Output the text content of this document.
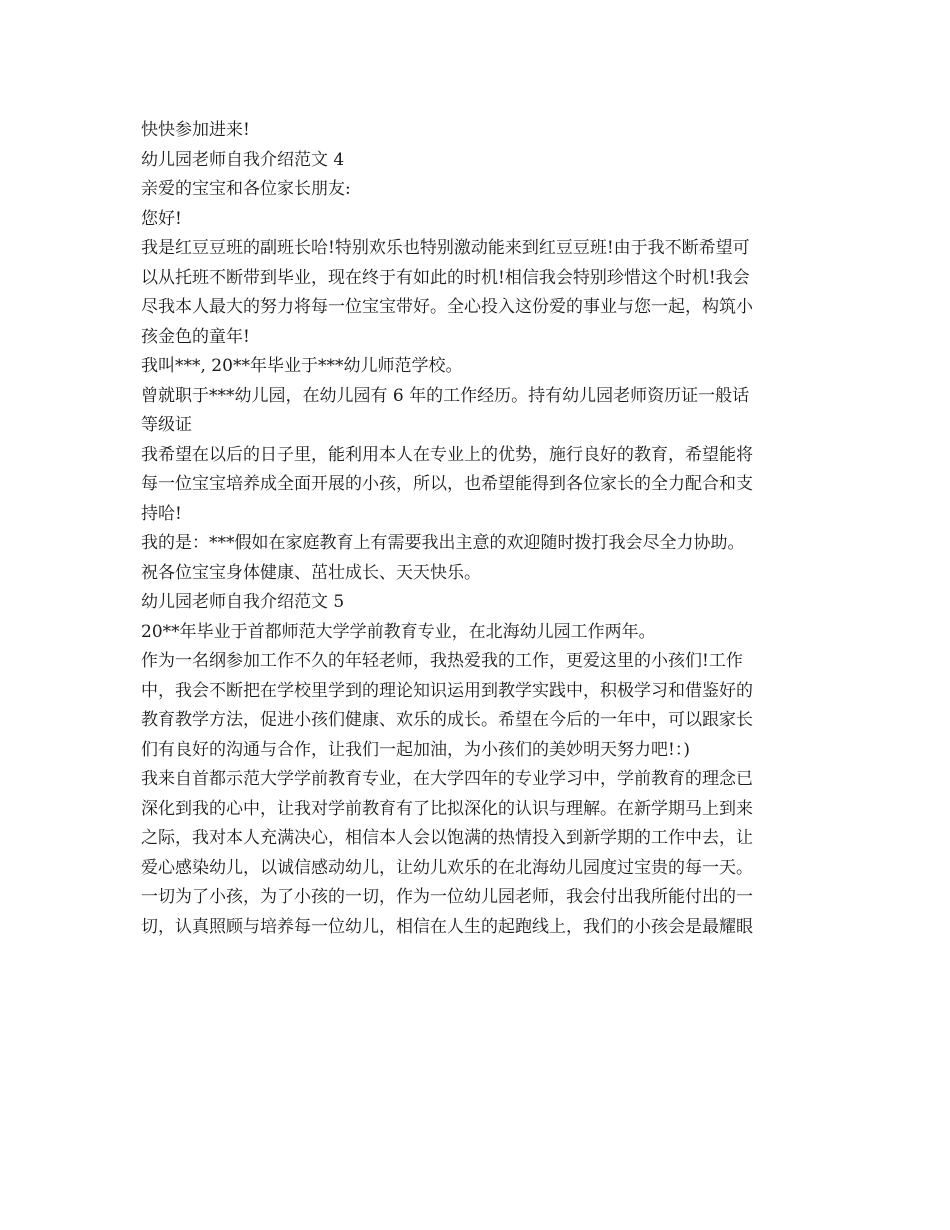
快快参加进来!
幼儿园老师自我介绍范文 4
亲爱的宝宝和各位家长朋友:
您好!
我是红豆豆班的副班长哈!特别欢乐也特别激动能来到红豆豆班!由于我不断希望可
以从托班不断带到毕业，现在终于有如此的时机!相信我会特别珍惜这个时机!我会
尽我本人最大的努力将每一位宝宝带好。全心投入这份爱的事业与您一起，构筑小
孩金色的童年!
我叫***, 20**年毕业于***幼儿师范学校。
曾就职于***幼儿园，在幼儿园有 6 年的工作经历。持有幼儿园老师资历证一般话
等级证
我希望在以后的日子里，能利用本人在专业上的优势，施行良好的教育，希望能将
每一位宝宝培养成全面开展的小孩，所以，也希望能得到各位家长的全力配合和支
持哈!
我的是：***假如在家庭教育上有需要我出主意的欢迎随时拨打我会尽全力协助。
祝各位宝宝身体健康、茁壮成长、天天快乐。
幼儿园老师自我介绍范文 5
20**年毕业于首都师范大学学前教育专业，在北海幼儿园工作两年。
作为一名纲参加工作不久的年轻老师，我热爱我的工作，更爱这里的小孩们!工作
中，我会不断把在学校里学到的理论知识运用到教学实践中，积极学习和借鉴好的
教育教学方法，促进小孩们健康、欢乐的成长。希望在今后的一年中，可以跟家长
们有良好的沟通与合作，让我们一起加油，为小孩们的美妙明天努力吧!：)
我来自首都示范大学学前教育专业，在大学四年的专业学习中，学前教育的理念已
深化到我的心中，让我对学前教育有了比拟深化的认识与理解。在新学期马上到来
之际，我对本人充满决心，相信本人会以饱满的热情投入到新学期的工作中去，让
爱心感染幼儿，以诚信感动幼儿，让幼儿欢乐的在北海幼儿园度过宝贵的每一天。
一切为了小孩，为了小孩的一切，作为一位幼儿园老师，我会付出我所能付出的一
切，认真照顾与培养每一位幼儿，相信在人生的起跑线上，我们的小孩会是最耀眼
